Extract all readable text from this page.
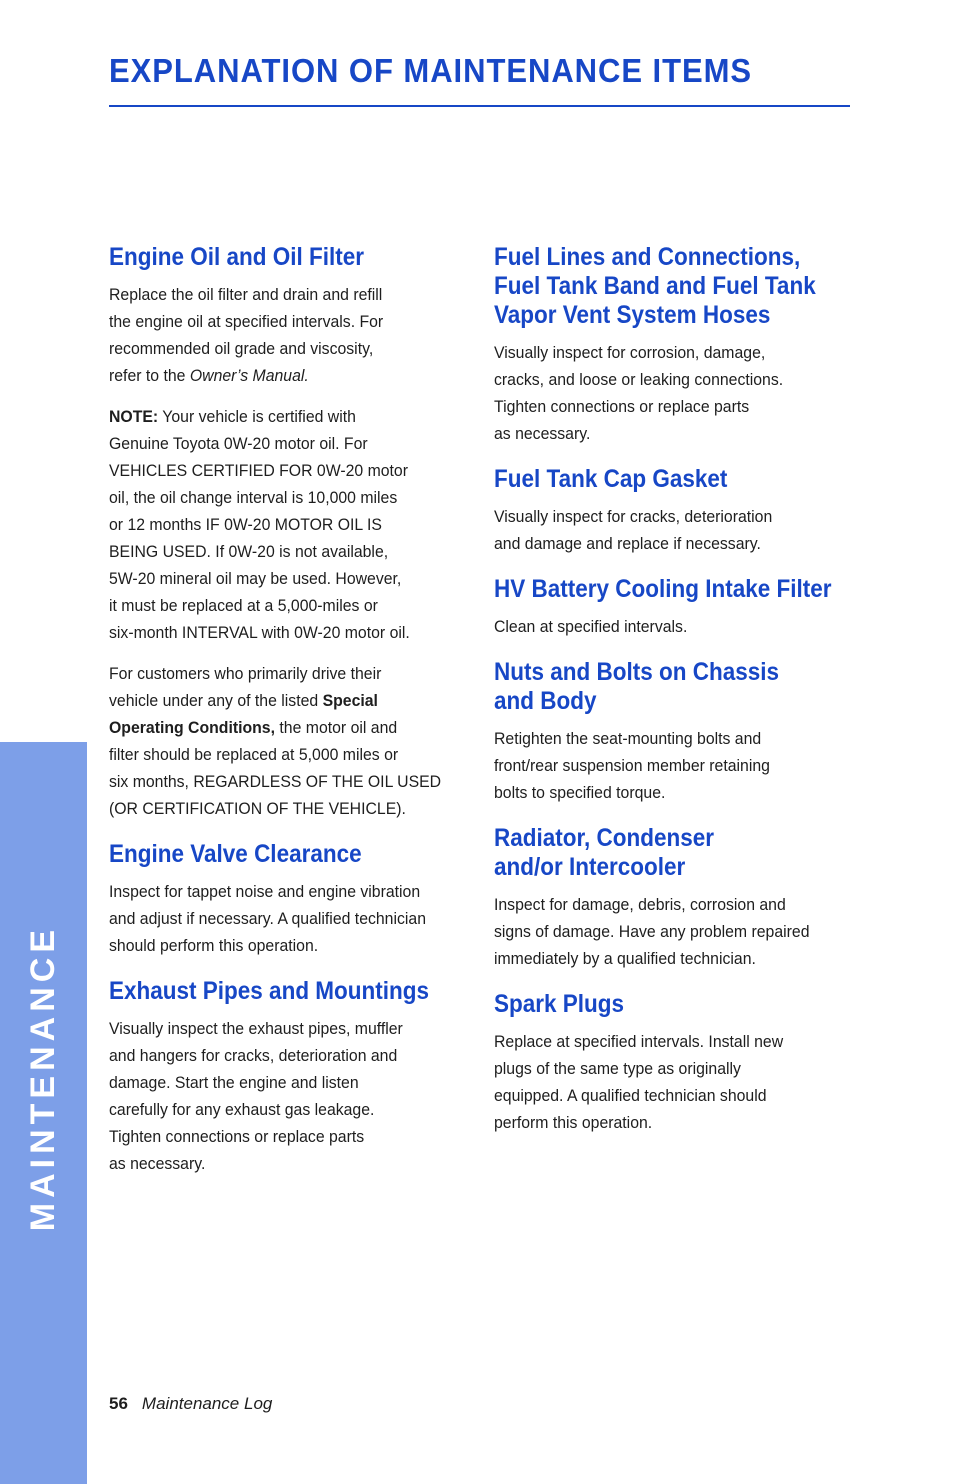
EXPLANATION OF MAINTENANCE ITEMS
MAINTENANCE
Engine Oil and Oil Filter

Replace the oil filter and drain and refill
the engine oil at specified intervals. For
recommended oil grade and viscosity,
refer to the Owner’s Manual.

NOTE: Your vehicle is certified with
Genuine Toyota 0W-20 motor oil. For
VEHICLES CERTIFIED FOR 0W-20 motor
oil, the oil change interval is 10,000 miles
or 12 months IF 0W-20 MOTOR OIL IS
BEING USED. If 0W-20 is not available,
5W-20 mineral oil may be used. However,
it must be replaced at a 5,000-miles or
six-month INTERVAL with 0W-20 motor oil.

For customers who primarily drive their
vehicle under any of the listed Special
Operating Conditions, the motor oil and
filter should be replaced at 5,000 miles or
six months, REGARDLESS OF THE OIL USED
(OR CERTIFICATION OF THE VEHICLE).

Engine Valve Clearance

Inspect for tappet noise and engine vibration
and adjust if necessary. A qualified technician
should perform this operation.

Exhaust Pipes and Mountings

Visually inspect the exhaust pipes, muffler
and hangers for cracks, deterioration and
damage. Start the engine and listen
carefully for any exhaust gas leakage.
Tighten connections or replace parts
as necessary.

Fuel Lines and Connections,
Fuel Tank Band and Fuel Tank
Vapor Vent System Hoses

Visually inspect for corrosion, damage,
cracks, and loose or leaking connections.
Tighten connections or replace parts
as necessary.

Fuel Tank Cap Gasket

Visually inspect for cracks, deterioration
and damage and replace if necessary.

HV Battery Cooling Intake Filter

Clean at specified intervals.

Nuts and Bolts on Chassis
and Body

Retighten the seat-mounting bolts and
front/rear suspension member retaining
bolts to specified torque.

Radiator, Condenser
and/or Intercooler

Inspect for damage, debris, corrosion and
signs of damage. Have any problem repaired
immediately by a qualified technician.

Spark Plugs

Replace at specified intervals. Install new
plugs of the same type as originally
equipped. A qualified technician should
perform this operation.

56 Maintenance Log
